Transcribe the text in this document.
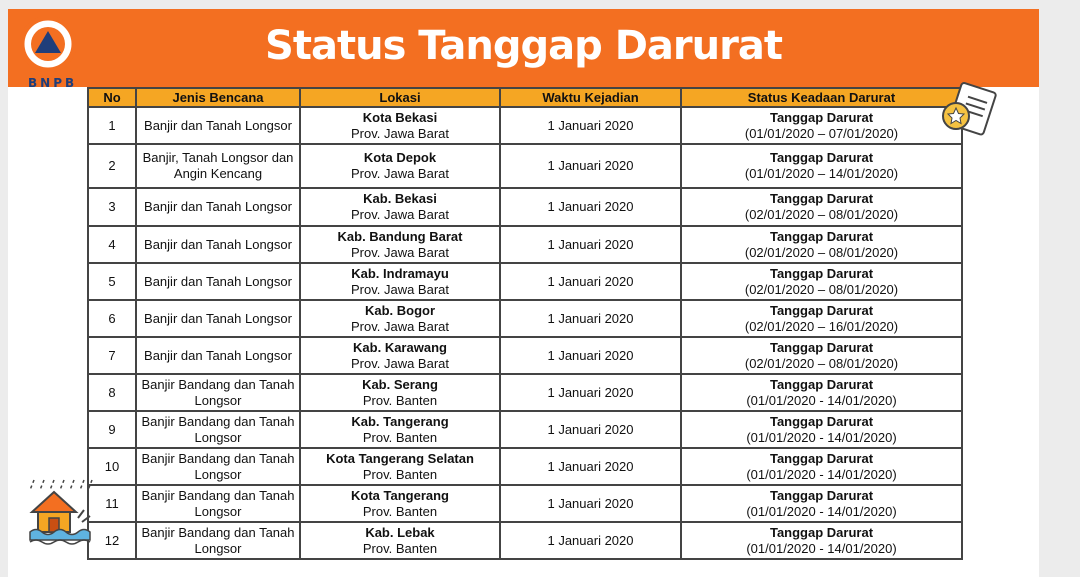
Status Tanggap Darurat
BNPB
No	Jenis Bencana	Lokasi	Waktu Kejadian	Status Keadaan Darurat

1	Banjir dan Tanah Longsor	Kota Bekasi
Prov. Jawa Barat	1 Januari 2020	Tanggap Darurat
(01/01/2020 – 07/01/2020)

2	Banjir, Tanah Longsor dan Angin Kencang	Kota Depok
Prov. Jawa Barat	1 Januari 2020	Tanggap Darurat
(01/01/2020 – 14/01/2020)

3	Banjir dan Tanah Longsor	Kab. Bekasi
Prov. Jawa Barat	1 Januari 2020	Tanggap Darurat
(02/01/2020 – 08/01/2020)

4	Banjir dan Tanah Longsor	Kab. Bandung Barat
Prov. Jawa Barat	1 Januari 2020	Tanggap Darurat
(02/01/2020 – 08/01/2020)

5	Banjir dan Tanah Longsor	Kab. Indramayu
Prov. Jawa Barat	1 Januari 2020	Tanggap Darurat
(02/01/2020 – 08/01/2020)

6	Banjir dan Tanah Longsor	Kab. Bogor
Prov. Jawa Barat	1 Januari 2020	Tanggap Darurat
(02/01/2020 – 16/01/2020)

7	Banjir dan Tanah Longsor	Kab. Karawang
Prov. Jawa Barat	1 Januari 2020	Tanggap Darurat
(02/01/2020 – 08/01/2020)

8	Banjir Bandang dan Tanah Longsor	Kab. Serang
Prov. Banten	1 Januari 2020	Tanggap Darurat
(01/01/2020 - 14/01/2020)

9	Banjir Bandang dan Tanah Longsor	Kab. Tangerang
Prov. Banten	1 Januari 2020	Tanggap Darurat
(01/01/2020 - 14/01/2020)

10	Banjir Bandang dan Tanah Longsor	Kota Tangerang Selatan
Prov. Banten	1 Januari 2020	Tanggap Darurat
(01/01/2020 - 14/01/2020)

11	Banjir Bandang dan Tanah Longsor	Kota Tangerang
Prov. Banten	1 Januari 2020	Tanggap Darurat
(01/01/2020 - 14/01/2020)

12	Banjir Bandang dan Tanah Longsor	Kab. Lebak
Prov. Banten	1 Januari 2020	Tanggap Darurat
(01/01/2020 - 14/01/2020)
